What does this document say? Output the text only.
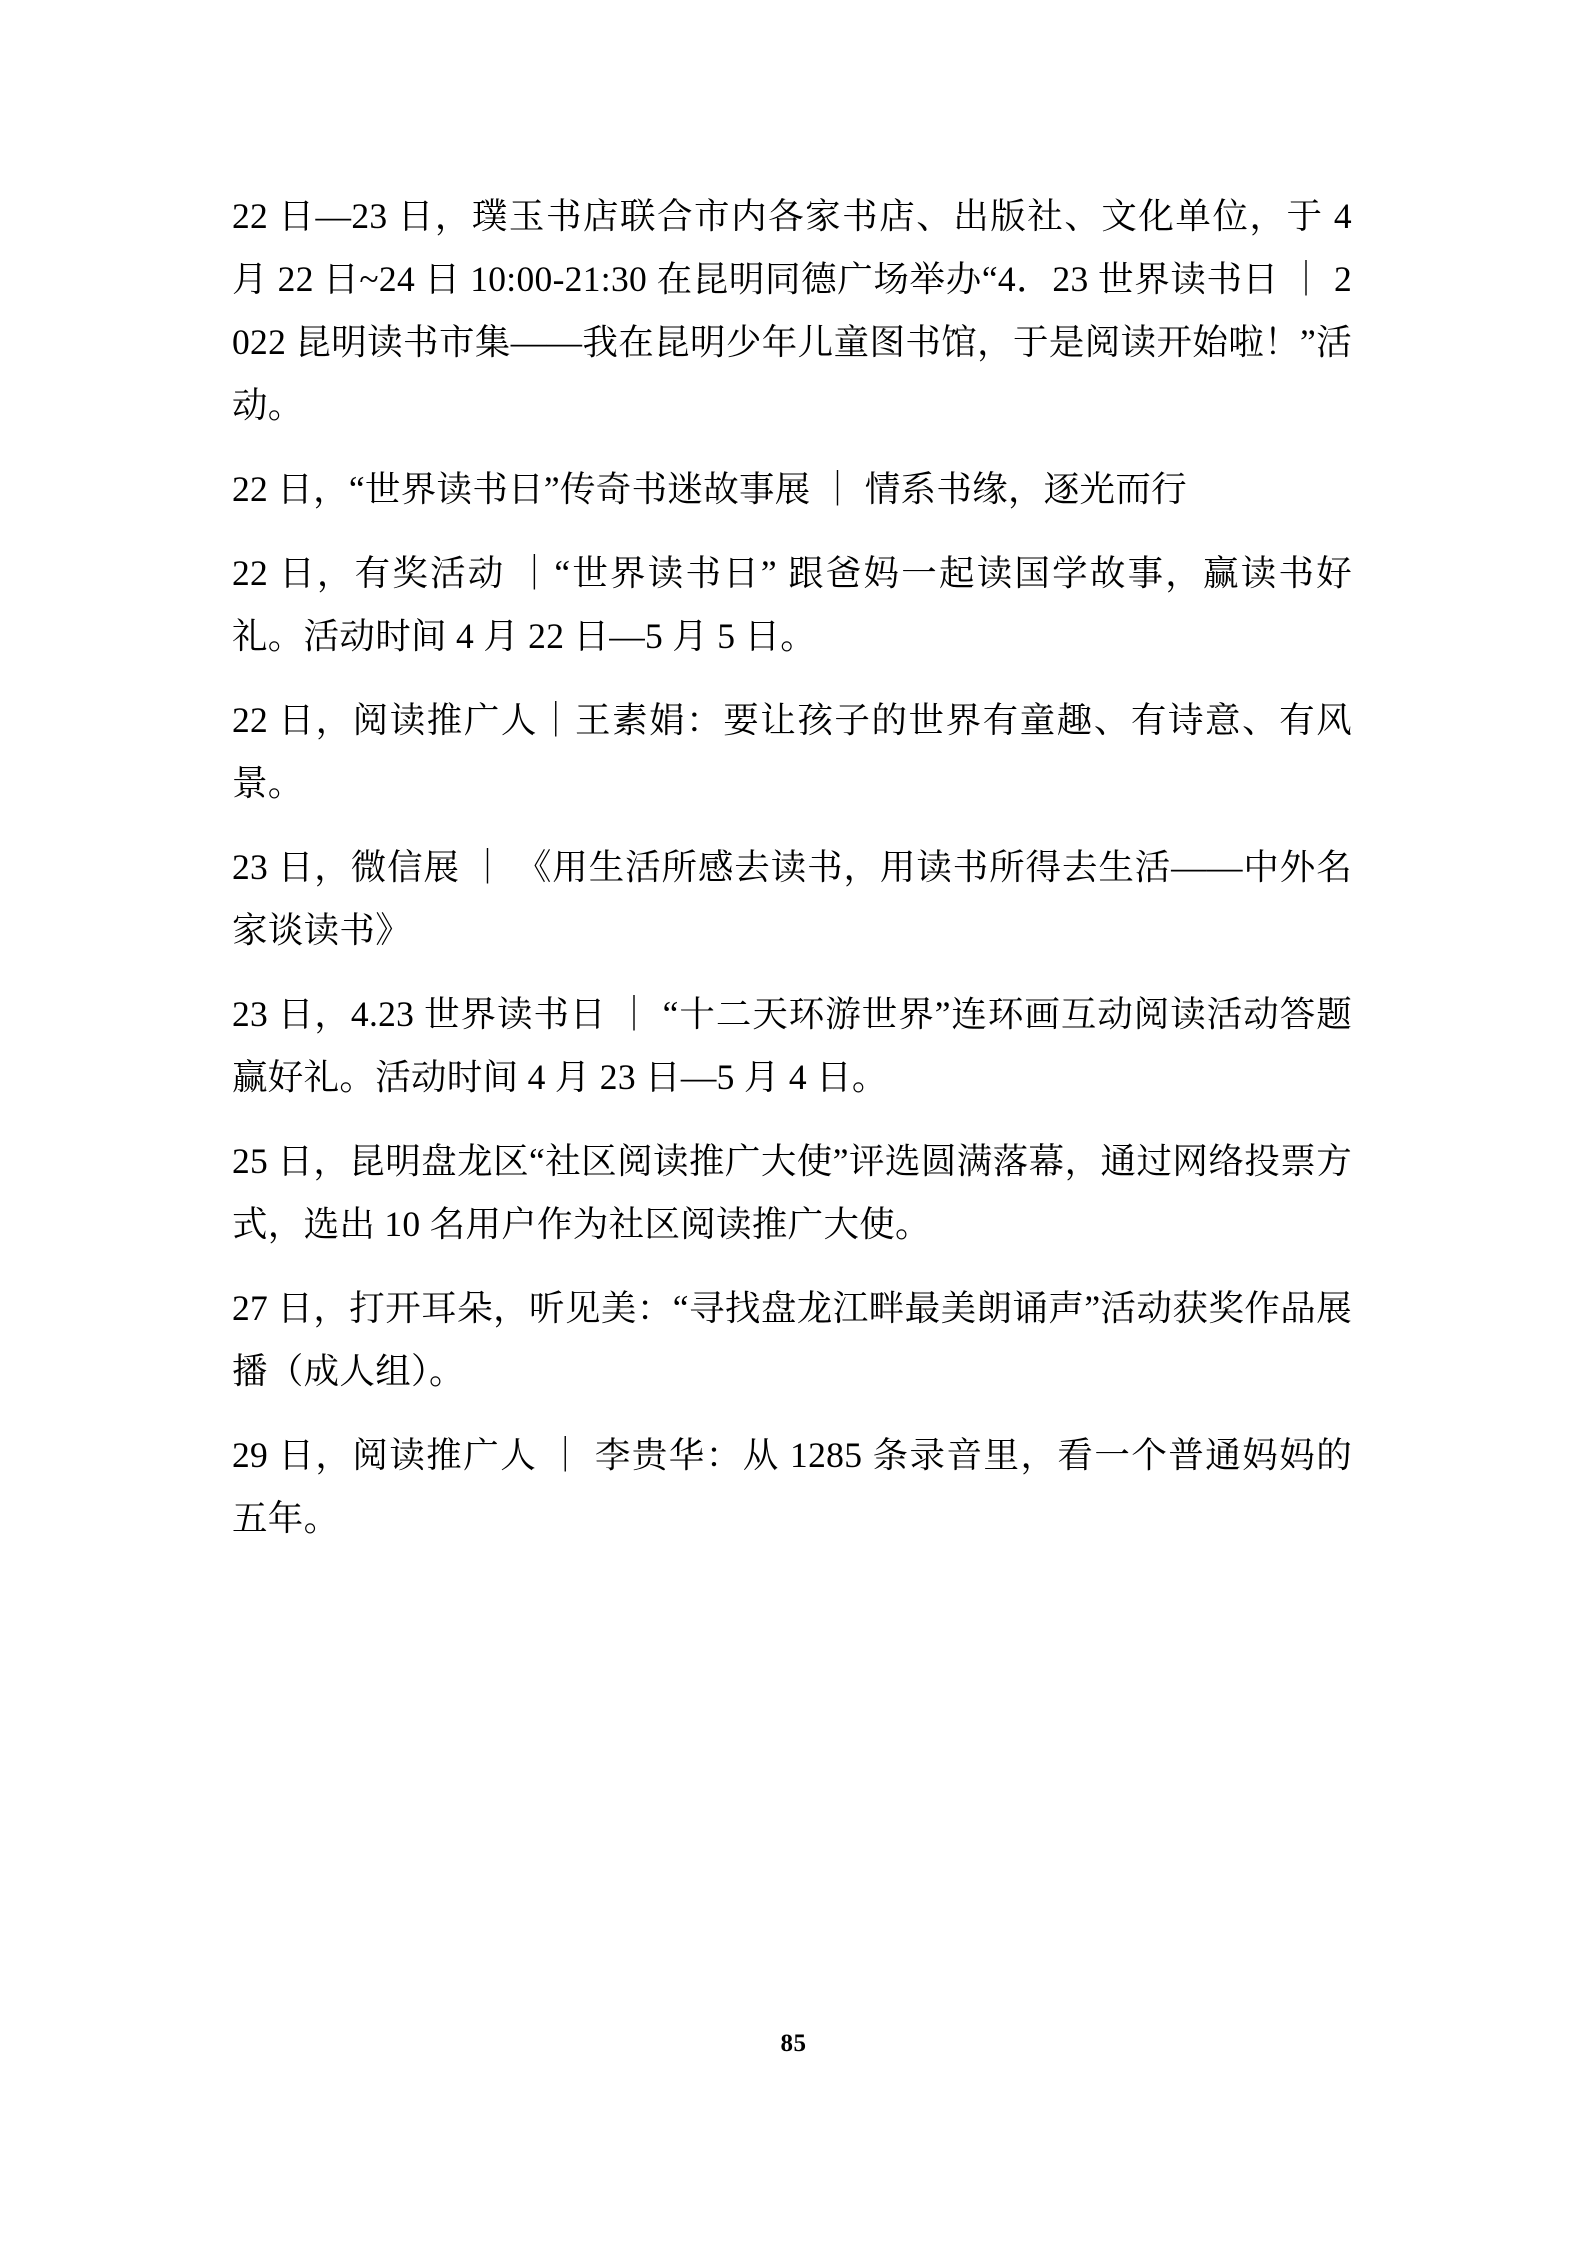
22 日—23 日，璞玉书店联合市内各家书店、出版社、文化单位，于 4 月 22 日~24 日 10:00-21:30 在昆明同德广场举办“4．23 世界读书日 ｜ 2022 昆明读书市集——我在昆明少年儿童图书馆，于是阅读开始啦！”活动。

22 日，“世界读书日”传奇书迷故事展 ｜ 情系书缘，逐光而行

22 日，有奖活动 ｜“世界读书日” 跟爸妈一起读国学故事，赢读书好礼。活动时间 4 月 22 日—5 月 5 日。

22 日，阅读推广人｜王素娟：要让孩子的世界有童趣、有诗意、有风景。

23 日，微信展 ｜ 《用生活所感去读书，用读书所得去生活——中外名家谈读书》

23 日，4.23 世界读书日 ｜ “十二天环游世界”连环画互动阅读活动答题赢好礼。活动时间 4 月 23 日—5 月 4 日。

25 日，昆明盘龙区“社区阅读推广大使”评选圆满落幕，通过网络投票方式，选出 10 名用户作为社区阅读推广大使。

27 日，打开耳朵，听见美：“寻找盘龙江畔最美朗诵声”活动获奖作品展播（成人组）。

29 日，阅读推广人 ｜ 李贵华：从 1285 条录音里，看一个普通妈妈的五年。

85
